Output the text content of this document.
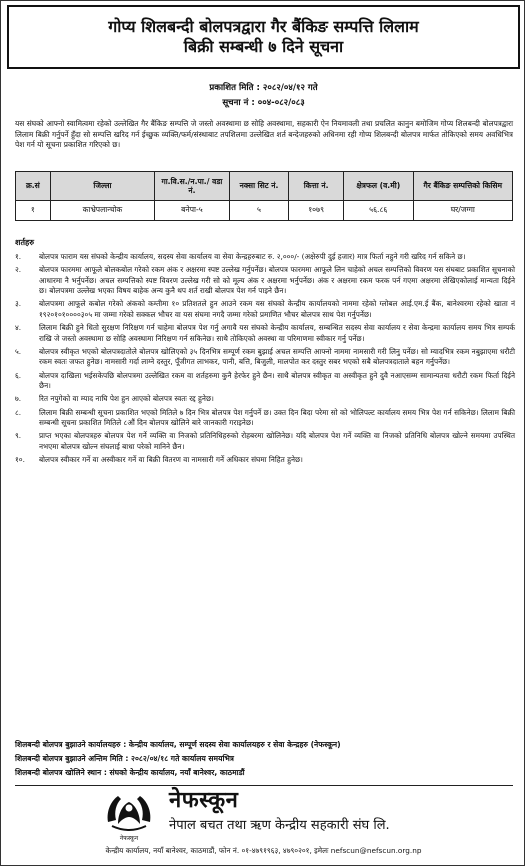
गोप्य शिलबन्दी बोलपत्रद्वारा गैर बैंकिङ सम्पत्ति लिलाम
बिक्री सम्बन्धी ७ दिने सूचना
प्रकाशित मिति : २०८२/०४/१२ गते
सूचना नं : ००४-०८२/०८३
यस संघको आफ्नो स्वामित्वमा रहेको उल्लेखित गैर बैंकिङ सम्पत्ति जे जस्तो अवस्थामा छ सोहि अवस्थामा, सहकारी ऐन नियमावली तथा प्रचलित कानुन बमोजिम गोप्य शिलबन्दी बोलपत्रद्वारा लिलाम बिक्री गर्नुपर्ने हुँदा सो सम्पत्ति खरिद गर्न ईच्छुक व्यक्ति/फर्म/संस्थाबाट तपशिलमा उल्लेखित शर्त बन्देजहरुको अधिनमा रही गोप्य शिलबन्दी बोलपत्र मार्फत तोकिएको समय अवधिभित्र पेश गर्न यो सूचना प्रकाशित गरिएको छ।
क्र.सं	जिल्ला	गा.वि.स./न.पा./ वडा नं.	नक्सा सिट नं.	कित्ता नं.	क्षेत्रफल (व.मी)	गैर बैंकिङ सम्पत्तिको किसिम
१	काभ्रेपलान्चोक	बनेपा-५	५	१०७९	५६.८६	घर/जग्गा
शर्तहरु
१.	बोलपत्र फाराम यस संघको केन्द्रीय कार्यालय, सदस्य सेवा कार्यालय वा सेवा केन्द्रहरुबाट रु. २,०००/- (अक्षेरुपी दुई हजार) मात्र फिर्ता नहुने गरी खरिद गर्न सकिने छ।
२.	बोलपत्र फारममा आफूले बोलकबोल गरेको रकम अंक र अक्षरमा स्पष्ट उल्लेख गर्नुपर्नेछ। बोलपत्र फारममा आफूले लिन चाहेको अचल सम्पत्तिको विवरण यस संघबाट प्रकाशित सूचनाको आधारमा नै भर्नुपर्नेछ। अचल सम्पत्तिको स्पष्ट विवरण उल्लेख गरी सो को मूल्य अंक र अक्षरमा भर्नुपर्नेछ। अंक र अक्षरमा रकम फरक पर्न गएमा अक्षरमा लेखिएकोलाई मान्यता दिईने छ। बोलपत्रमा उल्लेख भएका विषय बाहेक अन्य कुनै थप शर्त राखी बोलपत्र पेश गर्न पाइने छैन।
३.	बोलपत्रमा आफूले कबोल गरेको अंकको कम्तीमा १० प्रतिशतले हुन आउने रकम यस संघको केन्द्रीय कार्यालयको नाममा रहेको ग्लोबल आई.एम.ई बैंक, बानेश्वरमा रहेको खाता नं १९२०१०१००००३०५ मा जम्मा गरेको सक्कल भौचर वा यस संघमा नगदै जम्मा गरेको प्रमाणित भौचर बोलपत्र साथ पेश गर्नुपर्नेछ।
४.	लिलाम बिक्री हुने धितो सुरक्षण निरिक्षण गर्न चाहेमा बोलपत्र पेश गर्नु अगावै यस संघको केन्द्रीय कार्यालय, सम्बन्धित सदस्य सेवा कार्यालय र सेवा केन्द्रमा कार्यालय समय भित्र सम्पर्क राखि जे जस्तो अवस्थामा छ सोहि अवस्थामा निरिक्षण गर्न सकिनेछ। साथै तोकिएको अवस्था वा परिमाणमा स्वीकार गर्नु पर्नेछ।
५.	बोलपत्र स्वीकृत भएको बोलपत्रदातोले बोलपत्र खोलिएको ३५ दिनभित्र सम्पूर्ण रकम बुझाई अचल सम्पत्ति आफ्नो नाममा नामसारी गरी लिनु पर्नेछ। सो म्यादभित्र रकम नबुझाएमा धरौटी रकम स्वतः जफत हुनेछ। नामसारी गर्दा लाग्ने दस्तुर, पूँजीगत लाभकर, पानी, बत्ति, बिजुली, मालपोत कर दस्तुर सबर भएको सबै बोलपत्रदाताले बहन गर्नुपर्नेछ।
६.	बोलपत्र दाखिला भईसकेपछि बोलपत्रमा उल्लेखित रकम वा शर्तहरुमा कुनै हेरफेर हुने छैन। साथै बोलपत्र स्वीकृत वा अस्वीकृत हुने दुवै नआएसम्म सामान्यतया धरौटी रकम फिर्ता दिईने छैन।
७.	रित नपुगेको वा म्याद नाघि पेश हुन आएको बोलपत्र स्वतः रद्द हुनेछ।
८.	लिलाम बिक्री सम्बन्धी सूचना प्रकाशित भएको मितिले ७ दिन भित्र बोलपत्र पेश गर्नुपर्ने छ। उक्त दिन बिदा परेमा सो को भोलिपल्ट कार्यालय समय भित्र पेश गर्न सकिनेछ। लिलाम बिक्री सम्बन्धी सूचना प्रकाशित मितिले ८औं दिन बोलपत्र खोलिने बारे जानकारी गराइनेछ।
९.	प्राप्त भएका बोलपत्रहरु बोलपत्र पेश गर्ने व्यक्ति वा निजको प्रतिनिधिहरुको रोहबरमा खोलिनेछ। यदि बोलपत्र पेश गर्ने व्यक्ति वा निजको प्रतिनिधि बोलपत्र खोल्ने समयमा उपस्थित नभएमा बोलपत्र खोल्न संघलाई बाधा परेको मानिने छैन।
१०.	बोलपत्र स्वीकार गर्ने वा अस्वीकार गर्ने वा बिक्री वितरण वा नामसारी गर्ने अधिकार संघमा निहित हुनेछ।
शिलबन्दी बोलपत्र बुझाउने कार्यालयहरु : केन्द्रीय कार्यालय, सम्पूर्ण सदस्य सेवा कार्यालयहरु र सेवा केन्द्रहरु (नेफस्कून)
शिलबन्दी बोलपत्र बुझाउने अन्तिम मिति : २०८२/०४/१८ गते कार्यालय समयभित्र
शिलबन्दी बोलपत्र खोलिने स्थान : संघको केन्द्रीय कार्यालय, नयाँ बानेश्वर, काठमाडौं
नेफस्कून
नेफस्कून
नेपाल बचत तथा ऋण केन्द्रीय सहकारी संघ लि.
केन्द्रीय कार्यालय, नयाँ बानेश्वर, काठमाडौं, फोन नं. ०१-४७९१९६३, ४७९०२०१, इमेलः nefscun@nefscun.org.np
